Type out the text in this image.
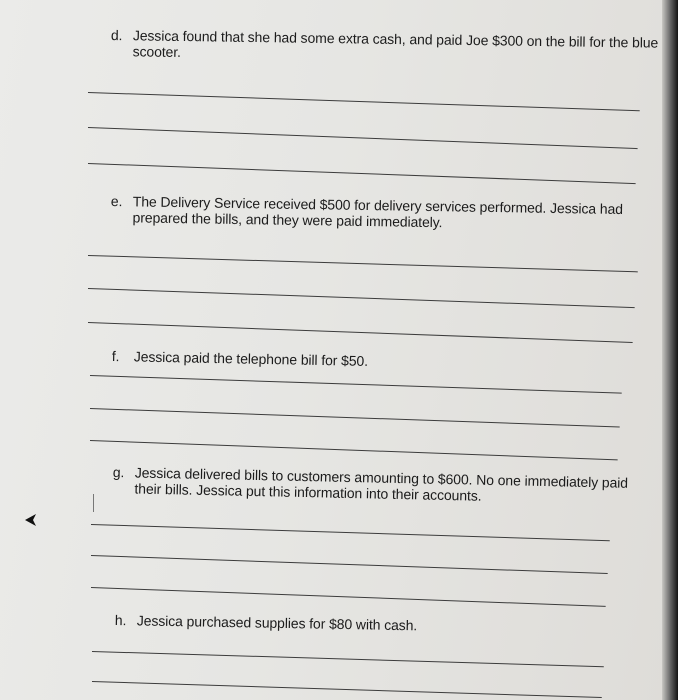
d. Jessica found that she had some extra cash, and paid Joe $300 on the bill for the blue scooter.
e. The Delivery Service received $500 for delivery services performed. Jessica had prepared the bills, and they were paid immediately.
f. Jessica paid the telephone bill for $50.
g. Jessica delivered bills to customers amounting to $600. No one immediately paid their bills. Jessica put this information into their accounts.
h. Jessica purchased supplies for $80 with cash.
